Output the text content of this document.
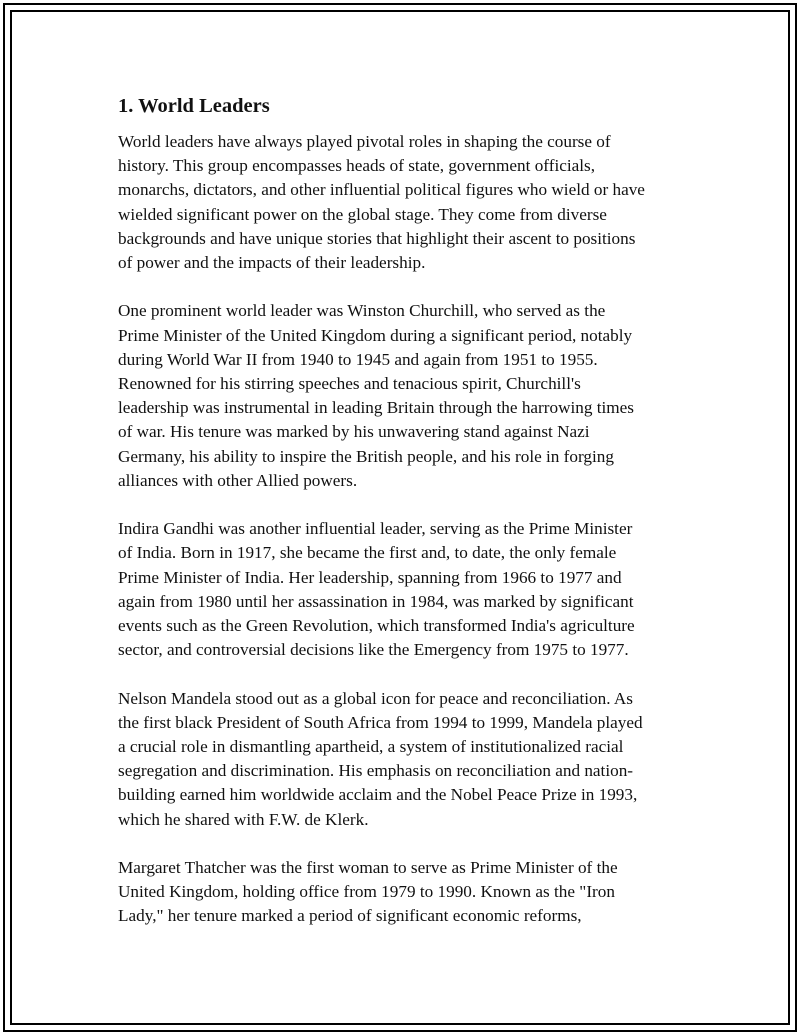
1. World Leaders
World leaders have always played pivotal roles in shaping the course of
history. This group encompasses heads of state, government officials,
monarchs, dictators, and other influential political figures who wield or have
wielded significant power on the global stage. They come from diverse
backgrounds and have unique stories that highlight their ascent to positions
of power and the impacts of their leadership.
One prominent world leader was Winston Churchill, who served as the
Prime Minister of the United Kingdom during a significant period, notably
during World War II from 1940 to 1945 and again from 1951 to 1955.
Renowned for his stirring speeches and tenacious spirit, Churchill's
leadership was instrumental in leading Britain through the harrowing times
of war. His tenure was marked by his unwavering stand against Nazi
Germany, his ability to inspire the British people, and his role in forging
alliances with other Allied powers.
Indira Gandhi was another influential leader, serving as the Prime Minister
of India. Born in 1917, she became the first and, to date, the only female
Prime Minister of India. Her leadership, spanning from 1966 to 1977 and
again from 1980 until her assassination in 1984, was marked by significant
events such as the Green Revolution, which transformed India's agriculture
sector, and controversial decisions like the Emergency from 1975 to 1977.
Nelson Mandela stood out as a global icon for peace and reconciliation. As
the first black President of South Africa from 1994 to 1999, Mandela played
a crucial role in dismantling apartheid, a system of institutionalized racial
segregation and discrimination. His emphasis on reconciliation and nation-
building earned him worldwide acclaim and the Nobel Peace Prize in 1993,
which he shared with F.W. de Klerk.
Margaret Thatcher was the first woman to serve as Prime Minister of the
United Kingdom, holding office from 1979 to 1990. Known as the "Iron
Lady," her tenure marked a period of significant economic reforms,
